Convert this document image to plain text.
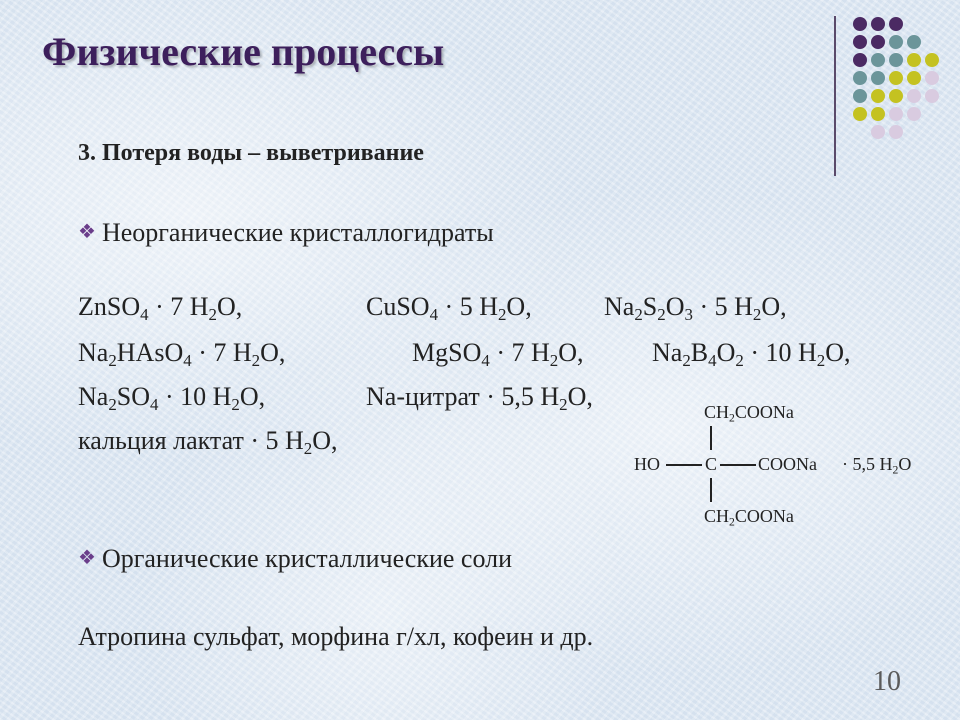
Физические процессы
3. Потеря воды – выветривание
❖ Неорганические кристаллогидраты
ZnSO$_4$ · 7 $H_2O$,	CuSO$_4$ · 5 $H_2O$,	$Na_2S_2O_3 \cdot 5$ $H_2O$,
$Na_2HAsO_4 \cdot 7$ $H_2O$,	MgSO$_4$ · 7 $H_2O$,	$Na_2B_4O_2 \cdot 10$ $H_2O$,
$Na_2SO_4 \cdot 10$ $H_2O$,	Na-цитрат · 5,5 $H_2O$,
кальция лактат · 5 $H_2O$,
$CH_2COONa$
HO	C COONa · 5,5 $H_2O$
$CH_2COONa$
❖ Органические кристаллические соли
Атропина сульфат, морфина г/хл, кофеин и др.
10
